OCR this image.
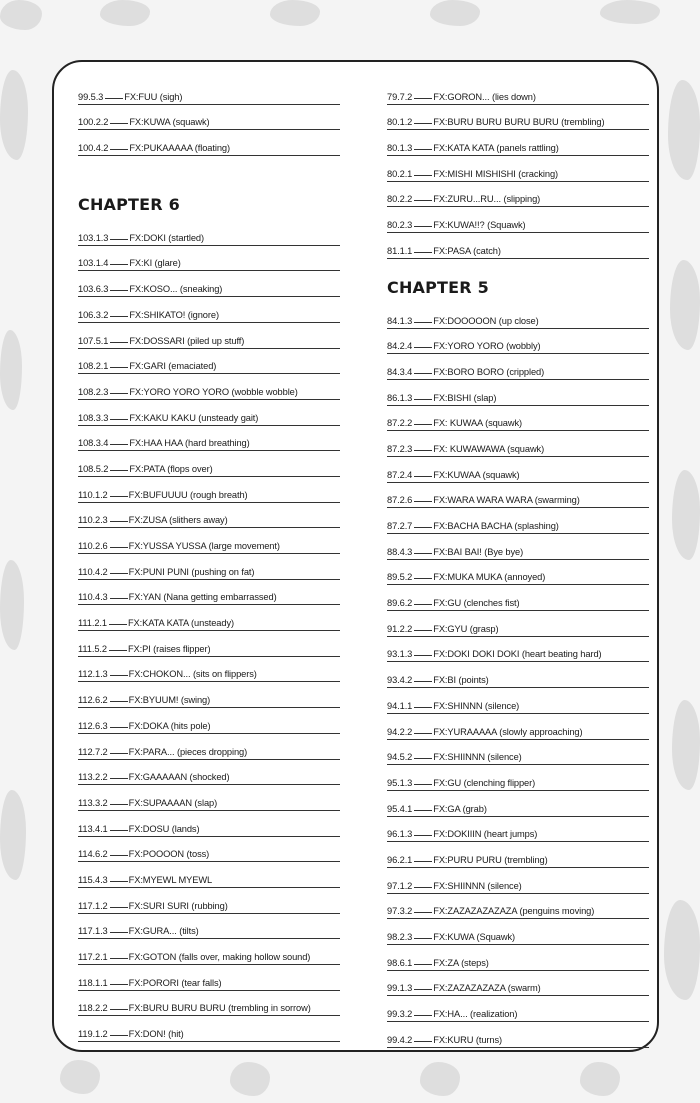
99.5.3 FX:FUU (sigh)
100.2.2 FX:KUWA (squawk)
100.4.2 FX:PUKAAAAA (floating)
CHAPTER 6
103.1.3 FX:DOKI (startled)
103.1.4 FX:KI (glare)
103.6.3 FX:KOSO... (sneaking)
106.3.2 FX:SHIKATO! (ignore)
107.5.1 FX:DOSSARI (piled up stuff)
108.2.1 FX:GARI (emaciated)
108.2.3 FX:YORO YORO YORO (wobble wobble)
108.3.3 FX:KAKU KAKU (unsteady gait)
108.3.4 FX:HAA HAA (hard breathing)
108.5.2 FX:PATA (flops over)
110.1.2 FX:BUFUUUU (rough breath)
110.2.3 FX:ZUSA (slithers away)
110.2.6 FX:YUSSA YUSSA (large movement)
110.4.2 FX:PUNI PUNI (pushing on fat)
110.4.3 FX:YAN (Nana getting embarrassed)
111.2.1 FX:KATA KATA (unsteady)
111.5.2 FX:PI (raises flipper)
112.1.3 FX:CHOKON... (sits on flippers)
112.6.2 FX:BYUUM! (swing)
112.6.3 FX:DOKA (hits pole)
112.7.2 FX:PARA... (pieces dropping)
113.2.2 FX:GAAAAAN (shocked)
113.3.2 FX:SUPAAAAN (slap)
113.4.1 FX:DOSU (lands)
114.6.2 FX:POOOON (toss)
115.4.3 FX:MYEWL MYEWL
117.1.2 FX:SURI SURI (rubbing)
117.1.3 FX:GURA... (tilts)
117.2.1 FX:GOTON (falls over, making hollow sound)
118.1.1 FX:PORORI (tear falls)
118.2.2 FX:BURU BURU BURU (trembling in sorrow)
119.1.2 FX:DON! (hit)
79.7.2 FX:GORON... (lies down)
80.1.2 FX:BURU BURU BURU BURU (trembling)
80.1.3 FX:KATA KATA (panels rattling)
80.2.1 FX:MISHI MISHISHI (cracking)
80.2.2 FX:ZURU...RU... (slipping)
80.2.3 FX:KUWA!!? (Squawk)
81.1.1 FX:PASA (catch)
CHAPTER 5
84.1.3 FX:DOOOOON (up close)
84.2.4 FX:YORO YORO (wobbly)
84.3.4 FX:BORO BORO (crippled)
86.1.3 FX:BISHI (slap)
87.2.2 FX: KUWAA (squawk)
87.2.3 FX: KUWAWAWA (squawk)
87.2.4 FX:KUWAA (squawk)
87.2.6 FX:WARA WARA WARA (swarming)
87.2.7 FX:BACHA BACHA (splashing)
88.4.3 FX:BAI BAI! (Bye bye)
89.5.2 FX:MUKA MUKA (annoyed)
89.6.2 FX:GU (clenches fist)
91.2.2 FX:GYU (grasp)
93.1.3 FX:DOKI DOKI DOKI (heart beating hard)
93.4.2 FX:BI (points)
94.1.1 FX:SHINNN (silence)
94.2.2 FX:YURAAAAA (slowly approaching)
94.5.2 FX:SHIINNN (silence)
95.1.3 FX:GU (clenching flipper)
95.4.1 FX:GA (grab)
96.1.3 FX:DOKIIIN (heart jumps)
96.2.1 FX:PURU PURU (trembling)
97.1.2 FX:SHIINNN (silence)
97.3.2 FX:ZAZAZAZAZAZA (penguins moving)
98.2.3 FX:KUWA (Squawk)
98.6.1 FX:ZA (steps)
99.1.3 FX:ZAZAZAZAZA (swarm)
99.3.2 FX:HA... (realization)
99.4.2 FX:KURU (turns)
